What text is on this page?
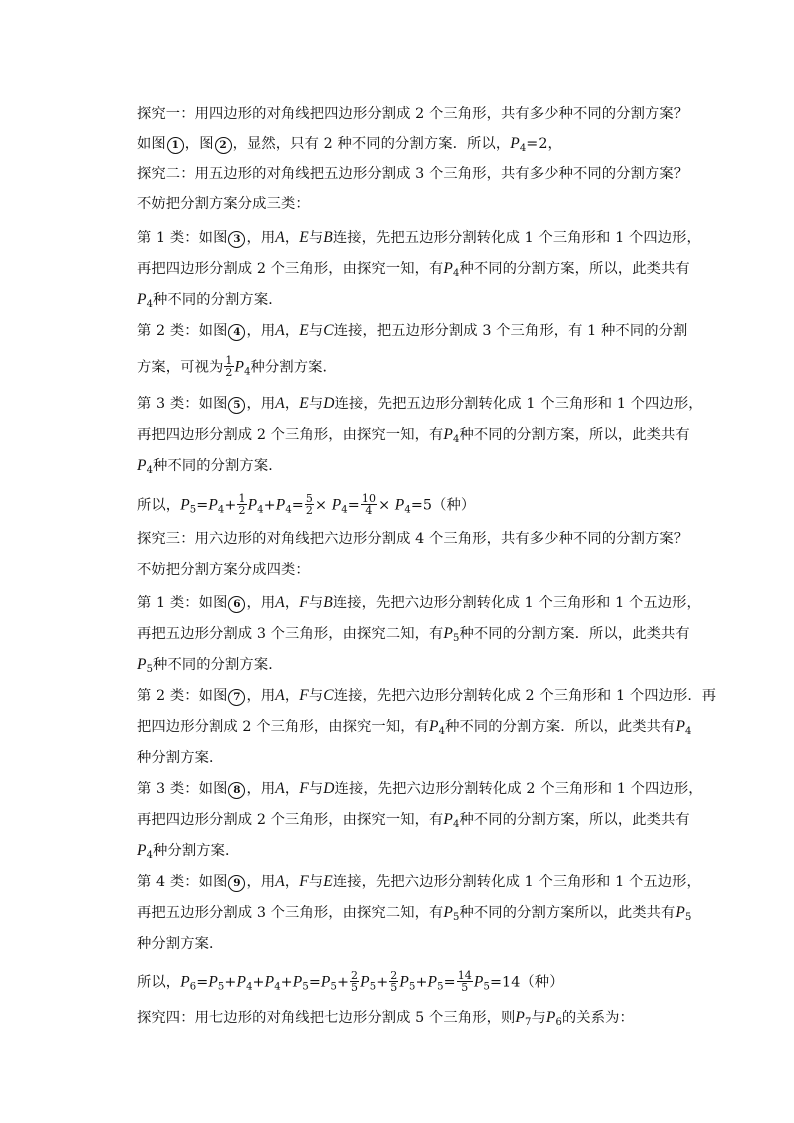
探究一：用四边形的对角线把四边形分割成 2 个三角形，共有多少种不同的分割方案？
如图 1 ，图 2 ，显然，只有 2 种不同的分割方案．所以，$P_4=2$，
探究二：用五边形的对角线把五边形分割成 3 个三角形，共有多少种不同的分割方案？
不妨把分割方案分成三类：
第 1 类：如图 3 ，用A，E与B连接，先把五边形分割转化成 1 个三角形和 1 个四边形，
再把四边形分割成 2 个三角形，由探究一知，有$P_4$种不同的分割方案，所以，此类共有
$P_4$种不同的分割方案．
第 2 类：如图 4 ，用A，E与C连接，把五边形分割成 3 个三角形，有 1 种不同的分割
方案，可视为 $\frac{1}{2} P_4$种分割方案．
第 3 类：如图 5 ，用A，E与D连接，先把五边形分割转化成 1 个三角形和 1 个四边形，
再把四边形分割成 2 个三角形，由探究一知，有$P_4$种不同的分割方案，所以，此类共有
$P_4$种不同的分割方案．
所以，$P_5=P_4+ \frac{1}{2} P_4+P_4= \frac{5}{2} \times P_4= \frac{10}{4} \times P_4=5$（种）
探究三：用六边形的对角线把六边形分割成 4 个三角形，共有多少种不同的分割方案？
不妨把分割方案分成四类：
第 1 类：如图 6 ，用A，F与B连接，先把六边形分割转化成 1 个三角形和 1 个五边形，
再把五边形分割成 3 个三角形，由探究二知，有$P_5$种不同的分割方案．所以，此类共有
$P_5$种不同的分割方案．
第 2 类：如图 7 ，用A，F与C连接，先把六边形分割转化成 2 个三角形和 1 个四边形．再
把四边形分割成 2 个三角形，由探究一知，有$P_4$种不同的分割方案．所以，此类共有$P_4$
种分割方案．
第 3 类：如图 8 ，用A，F与D连接，先把六边形分割转化成 2 个三角形和 1 个四边形，
再把四边形分割成 2 个三角形，由探究一知，有$P_4$种不同的分割方案，所以，此类共有
$P_4$种分割方案．
第 4 类：如图 9 ，用A，F与E连接，先把六边形分割转化成 1 个三角形和 1 个五边形，
再把五边形分割成 3 个三角形，由探究二知，有$P_5$种不同的分割方案所以，此类共有$P_5$
种分割方案．
所以，$P_6=P_5+P_4+P_4+P_5=P_5+ \frac{2}{5} P_5+ \frac{2}{5} P_5+P_5= \frac{14}{5} P_5=14$（种）
探究四：用七边形的对角线把七边形分割成 5 个三角形，则$P_7$与$P_6$的关系为：
